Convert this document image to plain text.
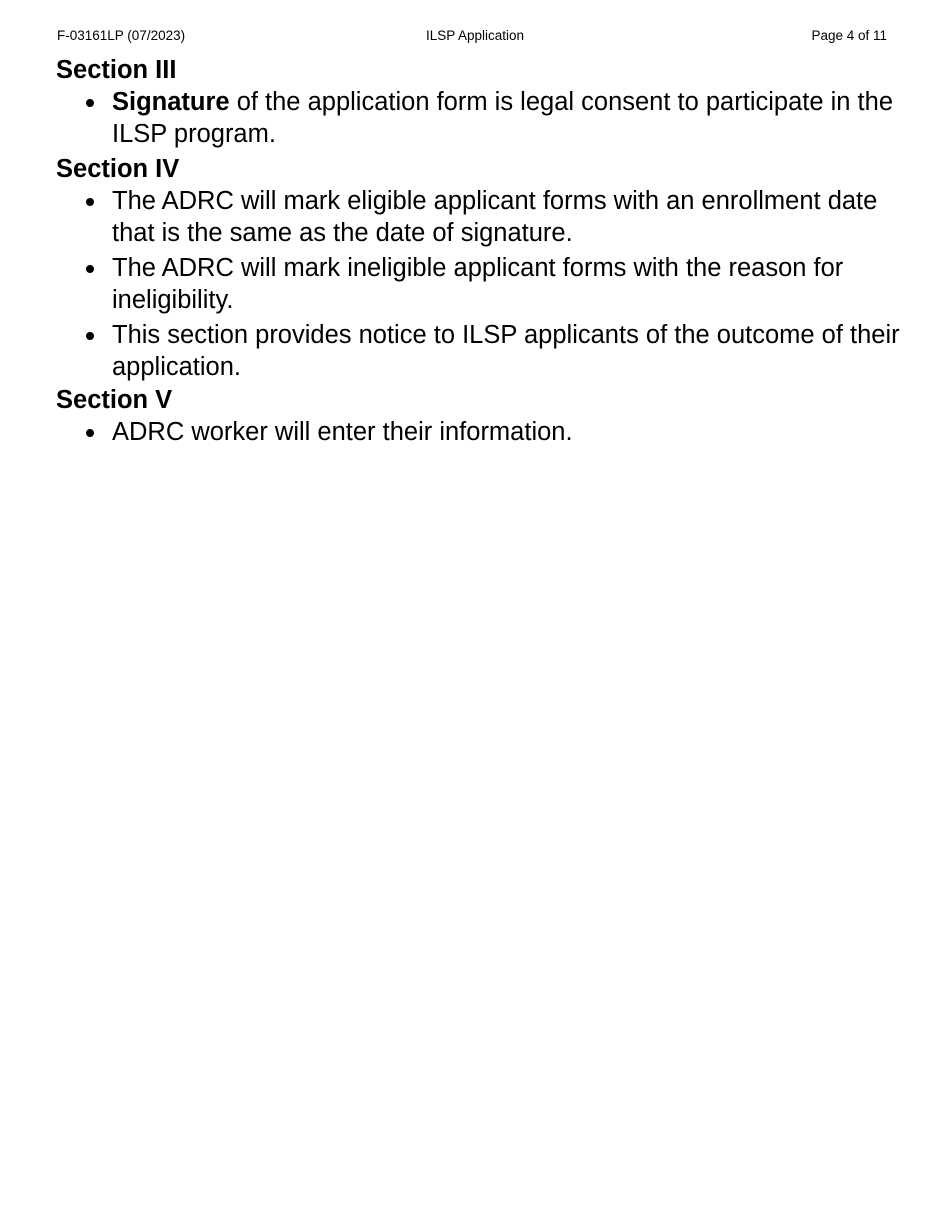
F-03161LP (07/2023)	ILSP Application	Page 4 of 11
Section III
Signature of the application form is legal consent to participate in the ILSP program.
Section IV
The ADRC will mark eligible applicant forms with an enrollment date that is the same as the date of signature.
The ADRC will mark ineligible applicant forms with the reason for ineligibility.
This section provides notice to ILSP applicants of the outcome of their application.
Section V
ADRC worker will enter their information.
